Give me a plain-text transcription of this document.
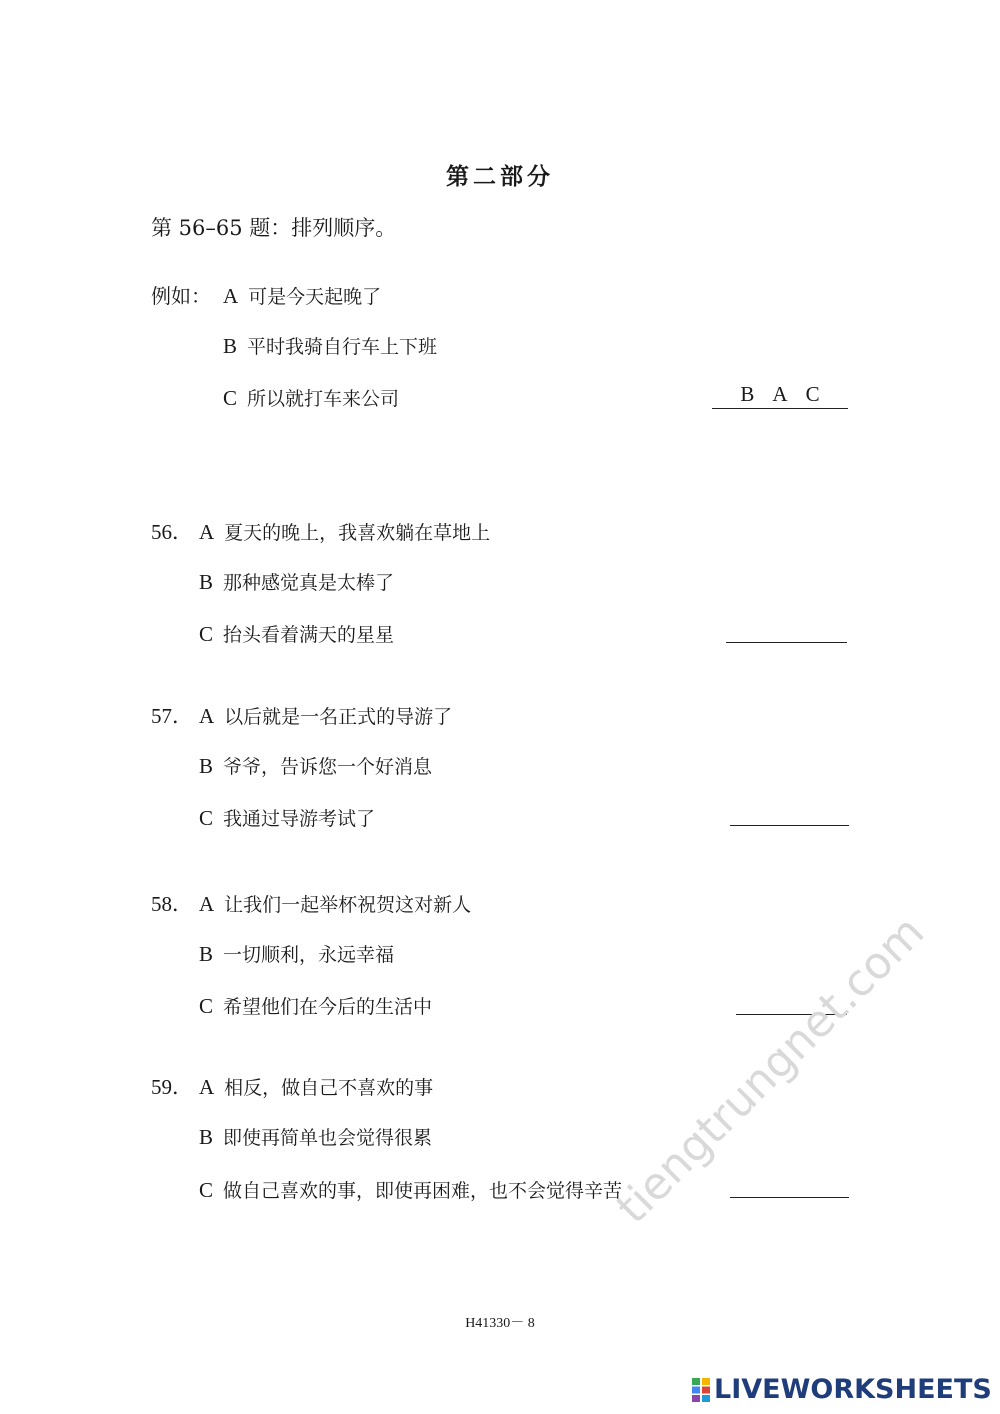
第二部分
第 56–65 题：排列顺序。
例如： A 可是今天起晚了
B 平时我骑自行车上下班
C 所以就打车来公司	B A C
56． A 夏天的晚上，我喜欢躺在草地上
B 那种感觉真是太棒了
C 抬头看着满天的星星
57． A 以后就是一名正式的导游了
B 爷爷，告诉您一个好消息
C 我通过导游考试了
58． A 让我们一起举杯祝贺这对新人
B 一切顺利，永远幸福
C 希望他们在今后的生活中
59． A 相反，做自己不喜欢的事
B 即使再简单也会觉得很累
C 做自己喜欢的事，即使再困难，也不会觉得辛苦
tiengtrungnet.com
H41330－ 8
LIVEWORKSHEETS
